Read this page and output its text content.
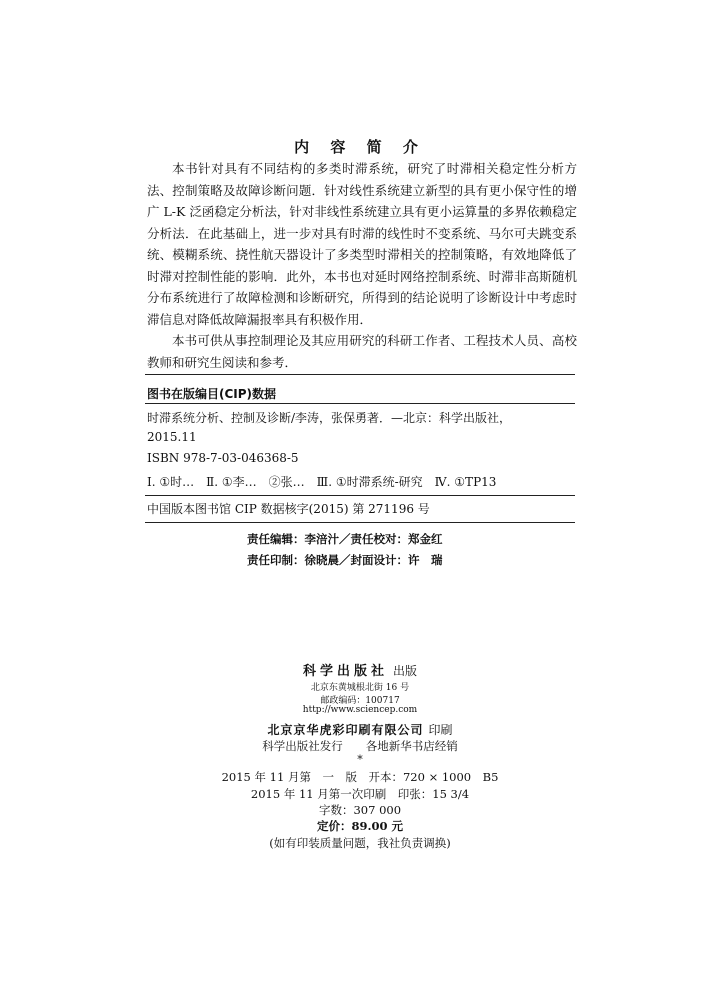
内 容 简 介

本书针对具有不同结构的多类时滞系统，研究了时滞相关稳定性分析方法、控制策略及故障诊断问题．针对线性系统建立新型的具有更小保守性的增广 L-K 泛函稳定分析法，针对非线性系统建立具有更小运算量的多界依赖稳定分析法．在此基础上，进一步对具有时滞的线性时不变系统、马尔可夫跳变系统、模糊系统、挠性航天器设计了多类型时滞相关的控制策略，有效地降低了时滞对控制性能的影响．此外，本书也对延时网络控制系统、时滞非高斯随机分布系统进行了故障检测和诊断研究，所得到的结论说明了诊断设计中考虑时滞信息对降低故障漏报率具有积极作用．

本书可供从事控制理论及其应用研究的科研工作者、工程技术人员、高校教师和研究生阅读和参考．

图书在版编目(CIP)数据
时滞系统分析、控制及诊断/李涛，张保勇著．—北京：科学出版社，
2015.11
ISBN 978-7-03-046368-5
Ⅰ. ①时…　Ⅱ. ①李…　②张…　Ⅲ. ①时滞系统-研究　Ⅳ. ①TP13
中国版本图书馆 CIP 数据核字(2015) 第 271196 号
责任编辑：李涪汁／责任校对：郑金红
责任印制：徐晓晨／封面设计：许　瑞
科学出版社 出版
北京东黄城根北街 16 号
邮政编码：100717
http://www.sciencep.com
北京京华虎彩印刷有限公司 印刷
科学出版社发行　　各地新华书店经销
*
2015 年 11 月第　一　版　开本：720 × 1000　B5
2015 年 11 月第一次印刷　印张：15 3/4
字数：307 000
定价：89.00 元
(如有印装质量问题，我社负责调换)
